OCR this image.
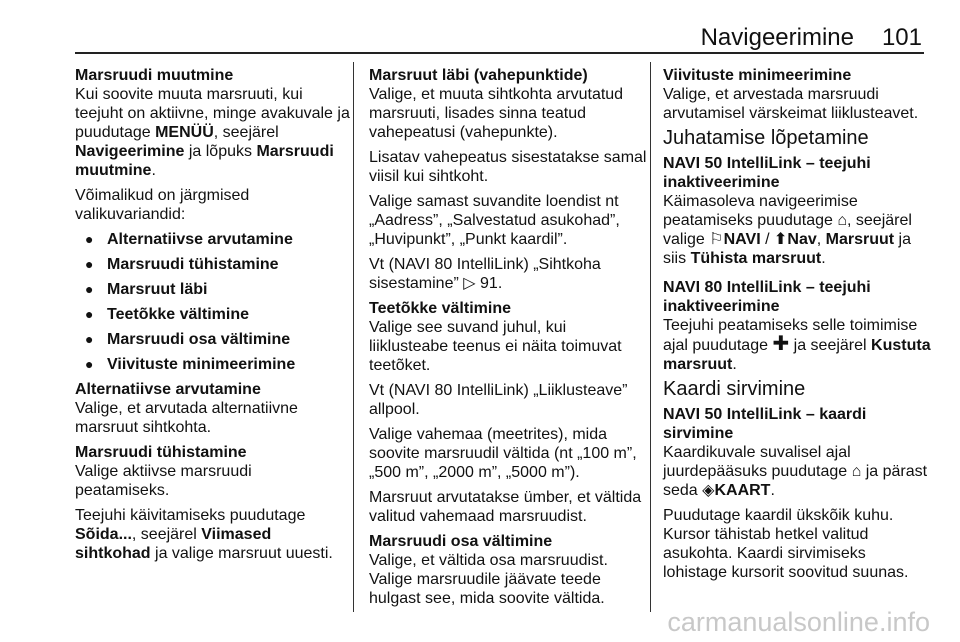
Navigeerimine 101

Marsruudi muutmine

Kui soovite muuta marsruuti, kui teejuht on aktiivne, minge avakuvale ja puudutage MENÜÜ, seejärel Navigeerimine ja lõpuks Marsruudi muutmine.

Võimalikud on järgmised valikuvariandid:

● Alternatiivse arvutamine
● Marsruudi tühistamine
● Marsruut läbi
● Teetõkke vältimine
● Marsruudi osa vältimine
● Viivituste minimeerimine

Alternatiivse arvutamine

Valige, et arvutada alternatiivne marsruut sihtkohta.

Marsruudi tühistamine

Valige aktiivse marsruudi peatamiseks.

Teejuhi käivitamiseks puudutage Sõida..., seejärel Viimased sihtkohad ja valige marsruut uuesti.

Marsruut läbi (vahepunktide)

Valige, et muuta sihtkohta arvutatud marsruuti, lisades sinna teatud vahepeatusi (vahepunkte).

Lisatav vahepeatus sisestatakse samal viisil kui sihtkoht.

Valige samast suvandite loendist nt „Aadress”, „Salvestatud asukohad”, „Huvipunkt”, „Punkt kaardil”.

Vt (NAVI 80 IntelliLink) „Sihtkoha sisestamine” ▷ 91.

Teetõkke vältimine

Valige see suvand juhul, kui liiklusteabe teenus ei näita toimuvat teetõket.

Vt (NAVI 80 IntelliLink) „Liiklusteave” allpool.

Valige vahemaa (meetrites), mida soovite marsruudil vältida (nt „100 m”, „500 m”, „2000 m”, „5000 m”).

Marsruut arvutatakse ümber, et vältida valitud vahemaad marsruudist.

Marsruudi osa vältimine

Valige, et vältida osa marsruudist. Valige marsruudile jäävate teede hulgast see, mida soovite vältida.

Viivituste minimeerimine

Valige, et arvestada marsruudi arvutamisel värskeimat liiklusteavet.

Juhatamise lõpetamine

NAVI 50 IntelliLink – teejuhi inaktiveerimine

Käimasoleva navigeerimise peatamiseks puudutage ⌂, seejärel valige ⚐NAVI / ⬆Nav, Marsruut ja siis Tühista marsruut.

NAVI 80 IntelliLink – teejuhi inaktiveerimine

Teejuhi peatamiseks selle toimimise ajal puudutage ✚ ja seejärel Kustuta marsruut.

Kaardi sirvimine

NAVI 50 IntelliLink – kaardi sirvimine

Kaardikuvale suvalisel ajal juurdepääsuks puudutage ⌂ ja pärast seda ◈KAART.

Puudutage kaardil ükskõik kuhu. Kursor tähistab hetkel valitud asukohta. Kaardi sirvimiseks lohistage kursorit soovitud suunas.

carmanualsonline.info
